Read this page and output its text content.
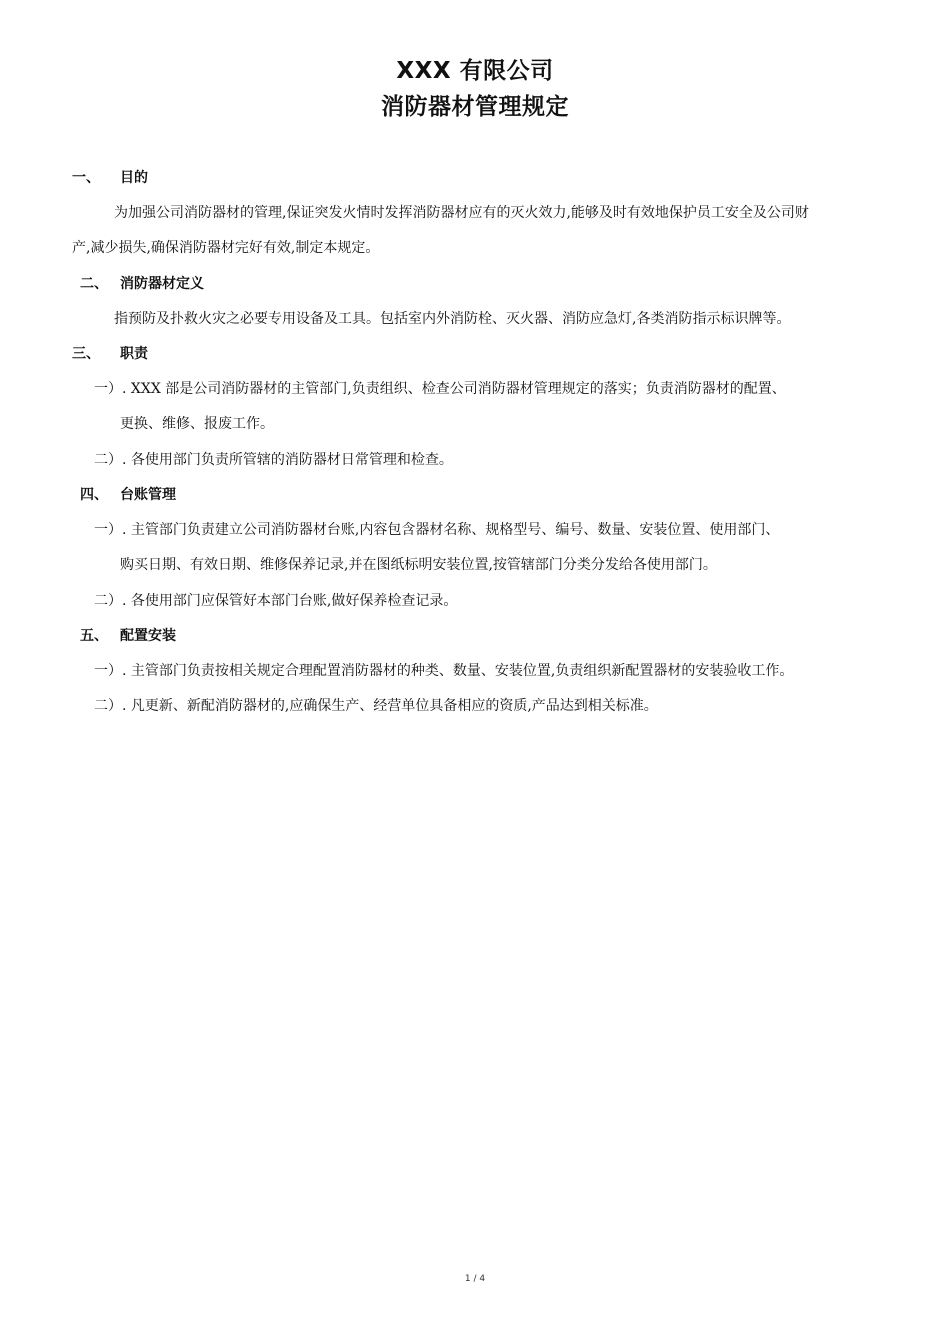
XXX 有限公司
消防器材管理规定
一、 目的
为加强公司消防器材的管理,保证突发火情时发挥消防器材应有的灭火效力,能够及时有效地保护员工安全及公司财
产,减少损失,确保消防器材完好有效,制定本规定。
二、 消防器材定义
指预防及扑救火灾之必要专用设备及工具。包括室内外消防栓、灭火器、消防应急灯,各类消防指示标识牌等。
三、 职责
一）. XXX 部是公司消防器材的主管部门,负责组织、检查公司消防器材管理规定的落实；负责消防器材的配置、
更换、维修、报废工作。
二）. 各使用部门负责所管辖的消防器材日常管理和检查。
四、 台账管理
一）. 主管部门负责建立公司消防器材台账,内容包含器材名称、规格型号、编号、数量、安装位置、使用部门、
购买日期、有效日期、维修保养记录,并在图纸标明安装位置,按管辖部门分类分发给各使用部门。
二）. 各使用部门应保管好本部门台账,做好保养检查记录。
五、 配置安装
一）. 主管部门负责按相关规定合理配置消防器材的种类、数量、安装位置,负责组织新配置器材的安装验收工作。
二）. 凡更新、新配消防器材的,应确保生产、经营单位具备相应的资质,产品达到相关标准。
1 / 4
